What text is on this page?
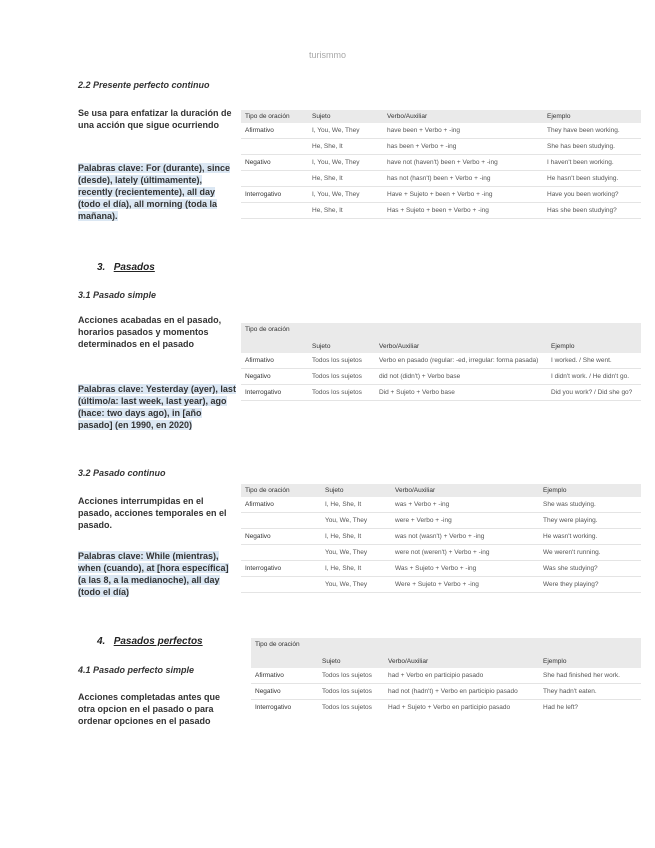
turismmo
2.2 Presente perfecto continuo
Se usa para enfatizar la duración de una acción que sigue ocurriendo
Palabras clave: For (durante), since (desde), lately (últimamente), recently (recientemente), all day (todo el día), all morning (toda la mañana).
Tipo de oración	Sujeto	Verbo/Auxiliar	Ejemplo
Afirmativo	I, You, We, They	have been + Verbo + -ing	They have been working.
	He, She, It	has been + Verbo + -ing	She has been studying.
Negativo	I, You, We, They	have not (haven't) been + Verbo + -ing	I haven't been working.
	He, She, It	has not (hasn't) been + Verbo + -ing	He hasn't been studying.
Interrogativo	I, You, We, They	Have + Sujeto + been + Verbo + -ing	Have you been working?
	He, She, It	Has + Sujeto + been + Verbo + -ing	Has she been studying?
3. Pasados
3.1 Pasado simple
Acciones acabadas en el pasado, horarios pasados y momentos determinados en el pasado
Palabras clave: Yesterday (ayer), last (último/a: last week, last year), ago (hace: two days ago), in [año pasado] (en 1990, en 2020)
Tipo de oración	Sujeto	Verbo/Auxiliar	Ejemplo
Afirmativo	Todos los sujetos	Verbo en pasado (regular: -ed, irregular: forma pasada)	I worked. / She went.
Negativo	Todos los sujetos	did not (didn't) + Verbo base	I didn't work. / He didn't go.
Interrogativo	Todos los sujetos	Did + Sujeto + Verbo base	Did you work? / Did she go?
3.2 Pasado continuo
Acciones interrumpidas en el pasado, acciones temporales en el pasado.
Palabras clave: While (mientras), when (cuando), at [hora específica] (a las 8, a la medianoche), all day (todo el día)
Tipo de oración	Sujeto	Verbo/Auxiliar	Ejemplo
Afirmativo	I, He, She, It	was + Verbo + -ing	She was studying.
	You, We, They	were + Verbo + -ing	They were playing.
Negativo	I, He, She, It	was not (wasn't) + Verbo + -ing	He wasn't working.
	You, We, They	were not (weren't) + Verbo + -ing	We weren't running.
Interrogativo	I, He, She, It	Was + Sujeto + Verbo + -ing	Was she studying?
	You, We, They	Were + Sujeto + Verbo + -ing	Were they playing?
4. Pasados perfectos
4.1 Pasado perfecto simple
Acciones completadas antes que otra opcion en el pasado o para ordenar opciones en el pasado
Tipo de oración	Sujeto	Verbo/Auxiliar	Ejemplo
Afirmativo	Todos los sujetos	had + Verbo en participio pasado	She had finished her work.
Negativo	Todos los sujetos	had not (hadn't) + Verbo en participio pasado	They hadn't eaten.
Interrogativo	Todos los sujetos	Had + Sujeto + Verbo en participio pasado	Had he left?
